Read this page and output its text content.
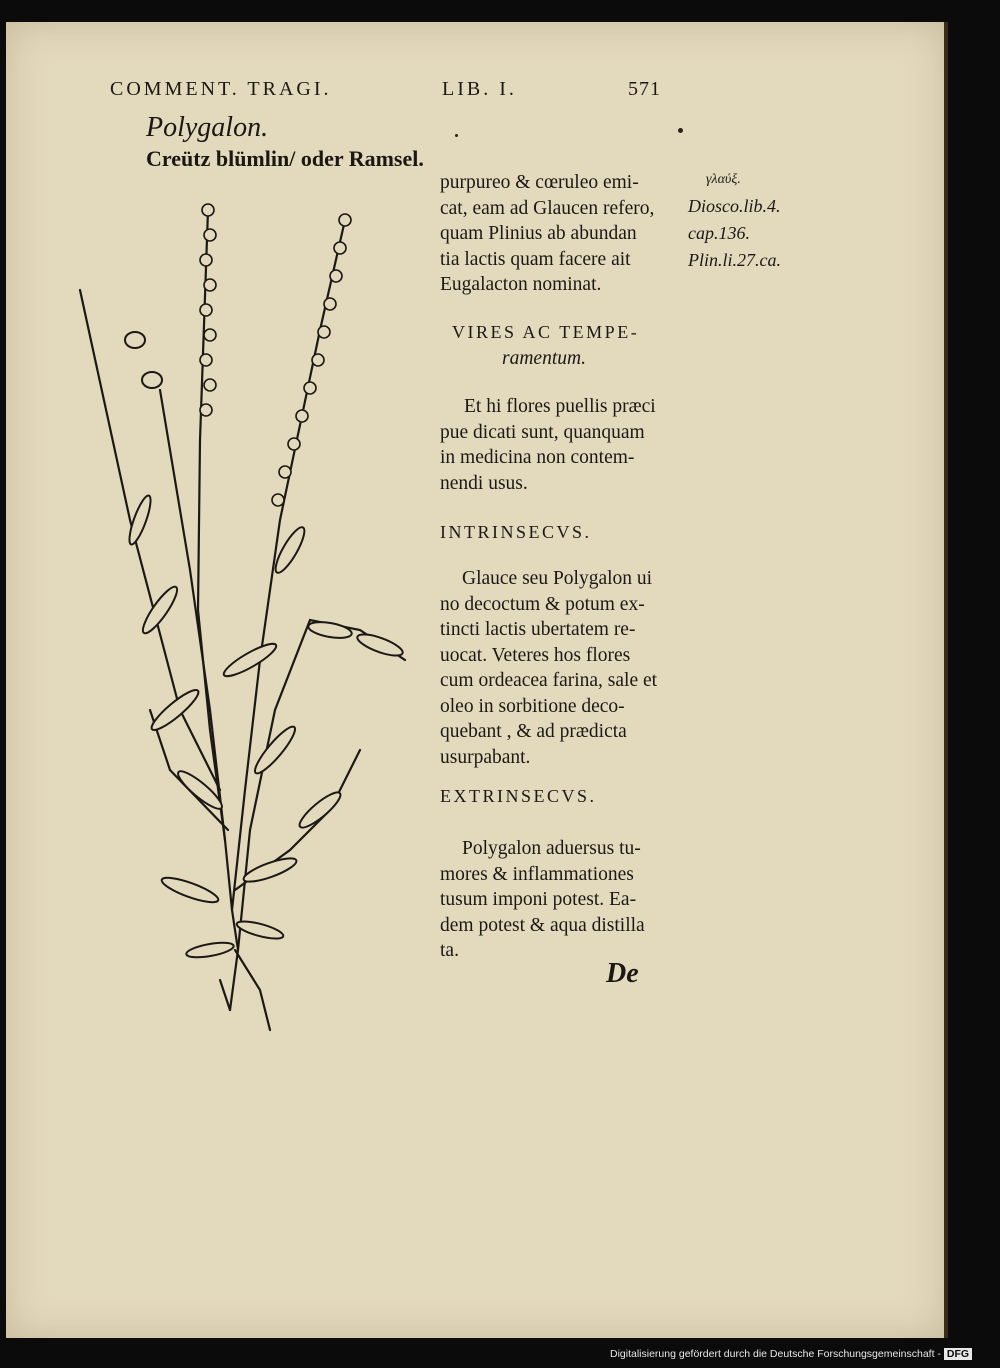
COMMENT. TRAGI.	LIB. I.	571
Polygalon.
Creütz blümlin/ oder Ramsel.
purpureo & cœruleo emi-
cat, eam ad Glaucen refero,
quam Plinius ab abundan
tia lactis quam facere ait
Eugalacton nominat.
VIRES AC TEMPE-
ramentum.
Et hi flores puellis præci
pue dicati sunt, quanquam
in medicina non contem-
nendi usus.
INTRINSECVS.
Glauce seu Polygalon ui
no decoctum & potum ex-
tincti lactis ubertatem re-
uocat. Veteres hos flores
cum ordeacea farina, sale et
oleo in sorbitione deco-
quebant , & ad prædicta
usurpabant.
EXTRINSECVS.
Polygalon aduersus tu-
mores & inflammationes
tusum imponi potest. Ea-
dem potest & aqua distilla
ta.
γλαύξ.
Diosco.lib.4.
cap.136.
Plin.li.27.ca.
De
Digitalisierung gefördert durch die Deutsche Forschungsgemeinschaft - DFG
